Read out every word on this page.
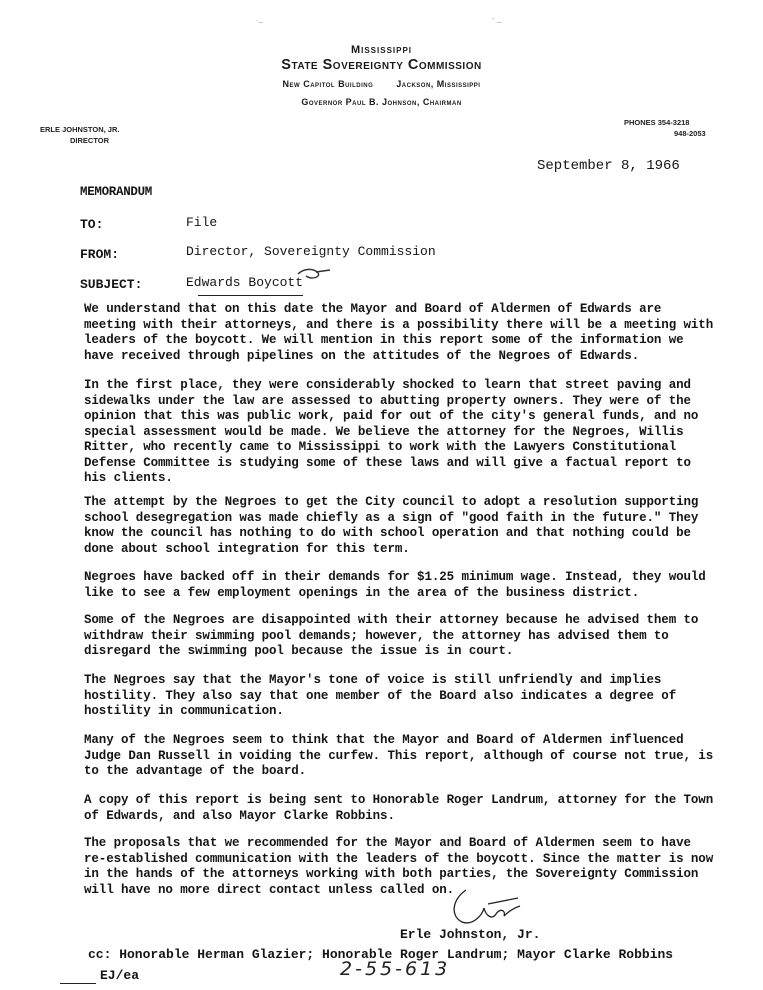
._	- _
Mississippi
State Sovereignty Commission
New Capitol Building	Jackson, Mississippi
Governor Paul B. Johnson, Chairman
ERLE JOHNSTON, JR.
DIRECTOR
PHONES 354-3218
948-2053
September 8, 1966
MEMORANDUM
TO:	File
FROM:	Director, Sovereignty Commission
SUBJECT:	Edwards Boycott
We understand that on this date the Mayor and Board of Aldermen of Edwards are meeting with their attorneys, and there is a possibility there will be a meeting with leaders of the boycott. We will mention in this report some of the information we have received through pipelines on the attitudes of the Negroes of Edwards.
In the first place, they were considerably shocked to learn that street paving and sidewalks under the law are assessed to abutting property owners. They were of the opinion that this was public work, paid for out of the city's general funds, and no special assessment would be made. We believe the attorney for the Negroes, Willis Ritter, who recently came to Mississippi to work with the Lawyers Constitutional Defense Committee is studying some of these laws and will give a factual report to his clients.
The attempt by the Negroes to get the City council to adopt a resolution supporting school desegregation was made chiefly as a sign of "good faith in the future." They know the council has nothing to do with school operation and that nothing could be done about school integration for this term.
Negroes have backed off in their demands for $1.25 minimum wage. Instead, they would like to see a few employment openings in the area of the business district.
Some of the Negroes are disappointed with their attorney because he advised them to withdraw their swimming pool demands; however, the attorney has advised them to disregard the swimming pool because the issue is in court.
The Negroes say that the Mayor's tone of voice is still unfriendly and implies hostility. They also say that one member of the Board also indicates a degree of hostility in communication.
Many of the Negroes seem to think that the Mayor and Board of Aldermen influenced Judge Dan Russell in voiding the curfew. This report, although of course not true, is to the advantage of the board.
A copy of this report is being sent to Honorable Roger Landrum, attorney for the Town of Edwards, and also Mayor Clarke Robbins.
The proposals that we recommended for the Mayor and Board of Aldermen seem to have re-established communication with the leaders of the boycott. Since the matter is now in the hands of the attorneys working with both parties, the Sovereignty Commission will have no more direct contact unless called on.
Erle Johnston, Jr.
cc: Honorable Herman Glazier; Honorable Roger Landrum; Mayor Clarke Robbins
EJ/ea	2-55-613
